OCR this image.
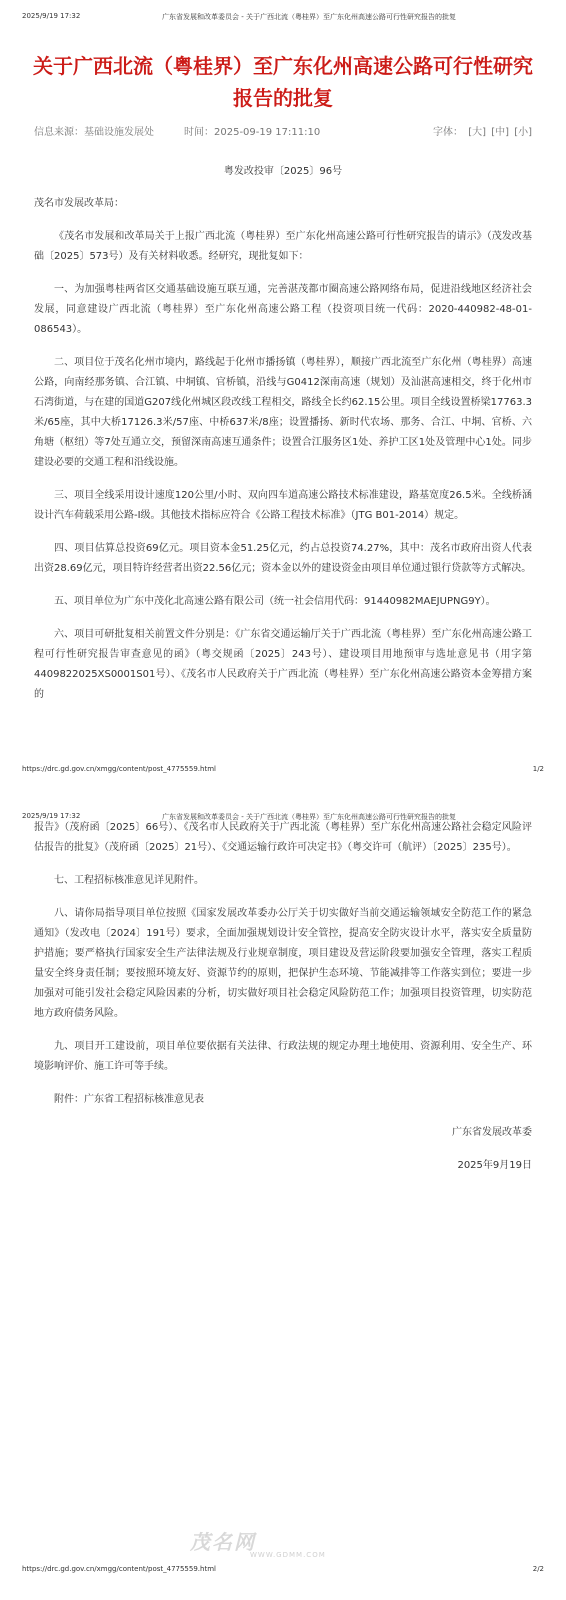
2025/9/19 17:32	广东省发展和改革委员会 - 关于广西北流（粤桂界）至广东化州高速公路可行性研究报告的批复
关于广西北流（粤桂界）至广东化州高速公路可行性研究报告的批复
信息来源：基础设施发展处	时间：2025-09-19 17:11:10	字体： [大] [中] [小]
粤发改投审〔2025〕96号

茂名市发展改革局：

《茂名市发展和改革局关于上报广西北流（粤桂界）至广东化州高速公路可行性研究报告的请示》（茂发改基础〔2025〕573号）及有关材料收悉。经研究，现批复如下：

一、为加强粤桂两省区交通基础设施互联互通，完善湛茂都市圈高速公路网络布局，促进沿线地区经济社会发展，同意建设广西北流（粤桂界）至广东化州高速公路工程（投资项目统一代码：2020-440982-48-01-086543）。

二、项目位于茂名化州市境内，路线起于化州市播扬镇（粤桂界），顺接广西北流至广东化州（粤桂界）高速公路，向南经那务镇、合江镇、中垌镇、官桥镇，沿线与G0412深南高速（规划）及汕湛高速相交，终于化州市石湾街道，与在建的国道G207线化州城区段改线工程相交，路线全长约62.15公里。项目全线设置桥梁17763.3米/65座，其中大桥17126.3米/57座、中桥637米/8座；设置播扬、新时代农场、那务、合江、中垌、官桥、六角塘（枢纽）等7处互通立交，预留深南高速互通条件；设置合江服务区1处、养护工区1处及管理中心1处。同步建设必要的交通工程和沿线设施。

三、项目全线采用设计速度120公里/小时、双向四车道高速公路技术标准建设，路基宽度26.5米。全线桥涵设计汽车荷载采用公路-Ⅰ级。其他技术指标应符合《公路工程技术标准》（JTG B01-2014）规定。

四、项目估算总投资69亿元。项目资本金51.25亿元，约占总投资74.27%，其中：茂名市政府出资人代表出资28.69亿元，项目特许经营者出资22.56亿元；资本金以外的建设资金由项目单位通过银行贷款等方式解决。

五、项目单位为广东中茂化北高速公路有限公司（统一社会信用代码：91440982MAEJUPNG9Y）。

六、项目可研批复相关前置文件分别是：《广东省交通运输厅关于广西北流（粤桂界）至广东化州高速公路工程可行性研究报告审查意见的函》（粤交规函〔2025〕243号）、建设项目用地预审与选址意见书（用字第4409822025XS0001S01号）、《茂名市人民政府关于广西北流（粤桂界）至广东化州高速公路资本金筹措方案的

https://drc.gd.gov.cn/xmgg/content/post_4775559.html	1/2
2025/9/19 17:32	广东省发展和改革委员会 - 关于广西北流（粤桂界）至广东化州高速公路可行性研究报告的批复

报告》（茂府函〔2025〕66号）、《茂名市人民政府关于广西北流（粤桂界）至广东化州高速公路社会稳定风险评估报告的批复》（茂府函〔2025〕21号）、《交通运输行政许可决定书》（粤交许可（航评）〔2025〕235号）。

七、工程招标核准意见详见附件。

八、请你局指导项目单位按照《国家发展改革委办公厅关于切实做好当前交通运输领域安全防范工作的紧急通知》（发改电〔2024〕191号）要求，全面加强规划设计安全管控，提高安全防灾设计水平，落实安全质量防护措施；要严格执行国家安全生产法律法规及行业规章制度，项目建设及营运阶段要加强安全管理，落实工程质量安全终身责任制；要按照环境友好、资源节约的原则，把保护生态环境、节能减排等工作落实到位；要进一步加强对可能引发社会稳定风险因素的分析，切实做好项目社会稳定风险防范工作；加强项目投资管理，切实防范地方政府债务风险。

九、项目开工建设前，项目单位要依据有关法律、行政法规的规定办理土地使用、资源利用、安全生产、环境影响评价、施工许可等手续。

附件：广东省工程招标核准意见表

广东省发展改革委

2025年9月19日

茂名网
WWW.GDMM.COM
https://drc.gd.gov.cn/xmgg/content/post_4775559.html	2/2
